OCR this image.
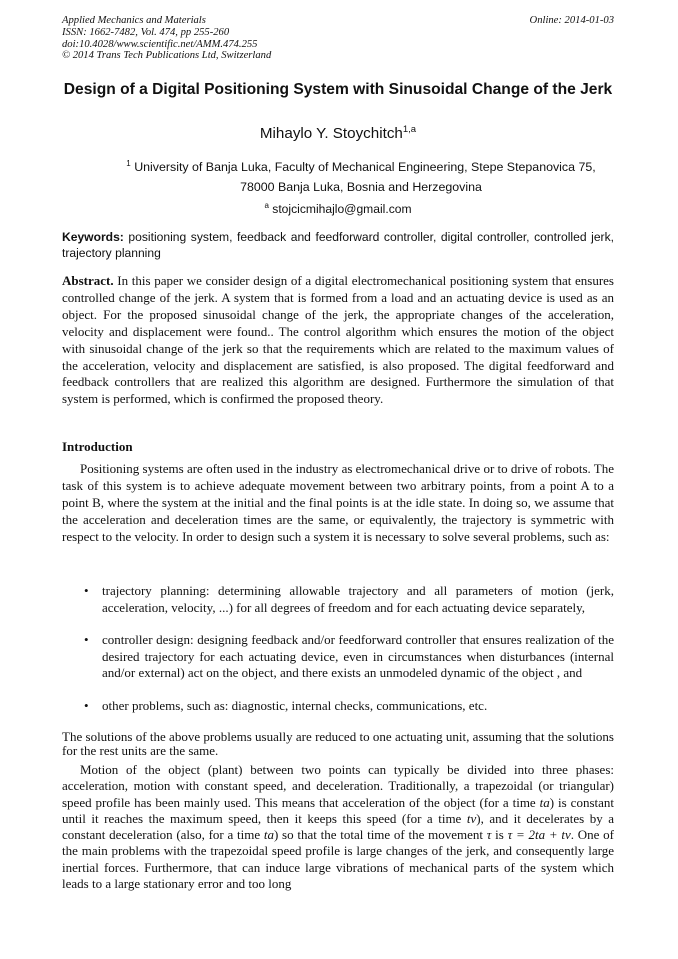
Applied Mechanics and Materials
ISSN: 1662-7482, Vol. 474, pp 255-260
doi:10.4028/www.scientific.net/AMM.474.255
© 2014 Trans Tech Publications Ltd, Switzerland
Online: 2014-01-03
Design of a Digital Positioning System with Sinusoidal Change of the Jerk
Mihaylo Y. Stoychitch$^{1,a}$
$^1$ University of Banja Luka, Faculty of Mechanical Engineering, Stepe Stepanovica 75,
78000 Banja Luka, Bosnia and Herzegovina
$^a$ stojcicmihajlo@gmail.com
Keywords: positioning system, feedback and feedforward controller, digital controller, controlled jerk, trajectory planning
Abstract. In this paper we consider design of a digital electromechanical positioning system that ensures controlled change of the jerk. A system that is formed from a load and an actuating device is used as an object. For the proposed sinusoidal change of the jerk, the appropriate changes of the acceleration, velocity and displacement were found.. The control algorithm which ensures the motion of the object with sinusoidal change of the jerk so that the requirements which are related to the maximum values of the acceleration, velocity and displacement are satisfied, is also proposed. The digital feedforward and feedback controllers that are realized this algorithm are designed. Furthermore the simulation of that system is performed, which is confirmed the proposed theory.
Introduction
Positioning systems are often used in the industry as electromechanical drive or to drive of robots. The task of this system is to achieve adequate movement between two arbitrary points, from a point A to a point B, where the system at the initial and the final points is at the idle state. In doing so, we assume that the acceleration and deceleration times are the same, or equivalently, the trajectory is symmetric with respect to the velocity. In order to design such a system it is necessary to solve several problems, such as:
• trajectory planning: determining allowable trajectory and all parameters of motion (jerk, acceleration, velocity, ...) for all degrees of freedom and for each actuating device separately,
• controller design: designing feedback and/or feedforward controller that ensures realization of the desired trajectory for each actuating device, even in circumstances when disturbances (internal and/or external) act on the object, and there exists an unmodeled dynamic of the object , and
• other problems, such as: diagnostic, internal checks, communications, etc.
The solutions of the above problems usually are reduced to one actuating unit, assuming that the solutions for the rest units are the same.
Motion of the object (plant) between two points can typically be divided into three phases: acceleration, motion with constant speed, and deceleration. Traditionally, a trapezoidal (or triangular) speed profile has been mainly used. This means that acceleration of the object (for a time ta) is constant until it reaches the maximum speed, then it keeps this speed (for a time tv), and it decelerates by a constant deceleration (also, for a time ta) so that the total time of the movement τ is τ = 2ta + tv. One of the main problems with the trapezoidal speed profile is large changes of the jerk, and consequently large inertial forces. Furthermore, that can induce large vibrations of mechanical parts of the system which leads to a large stationary error and too long
